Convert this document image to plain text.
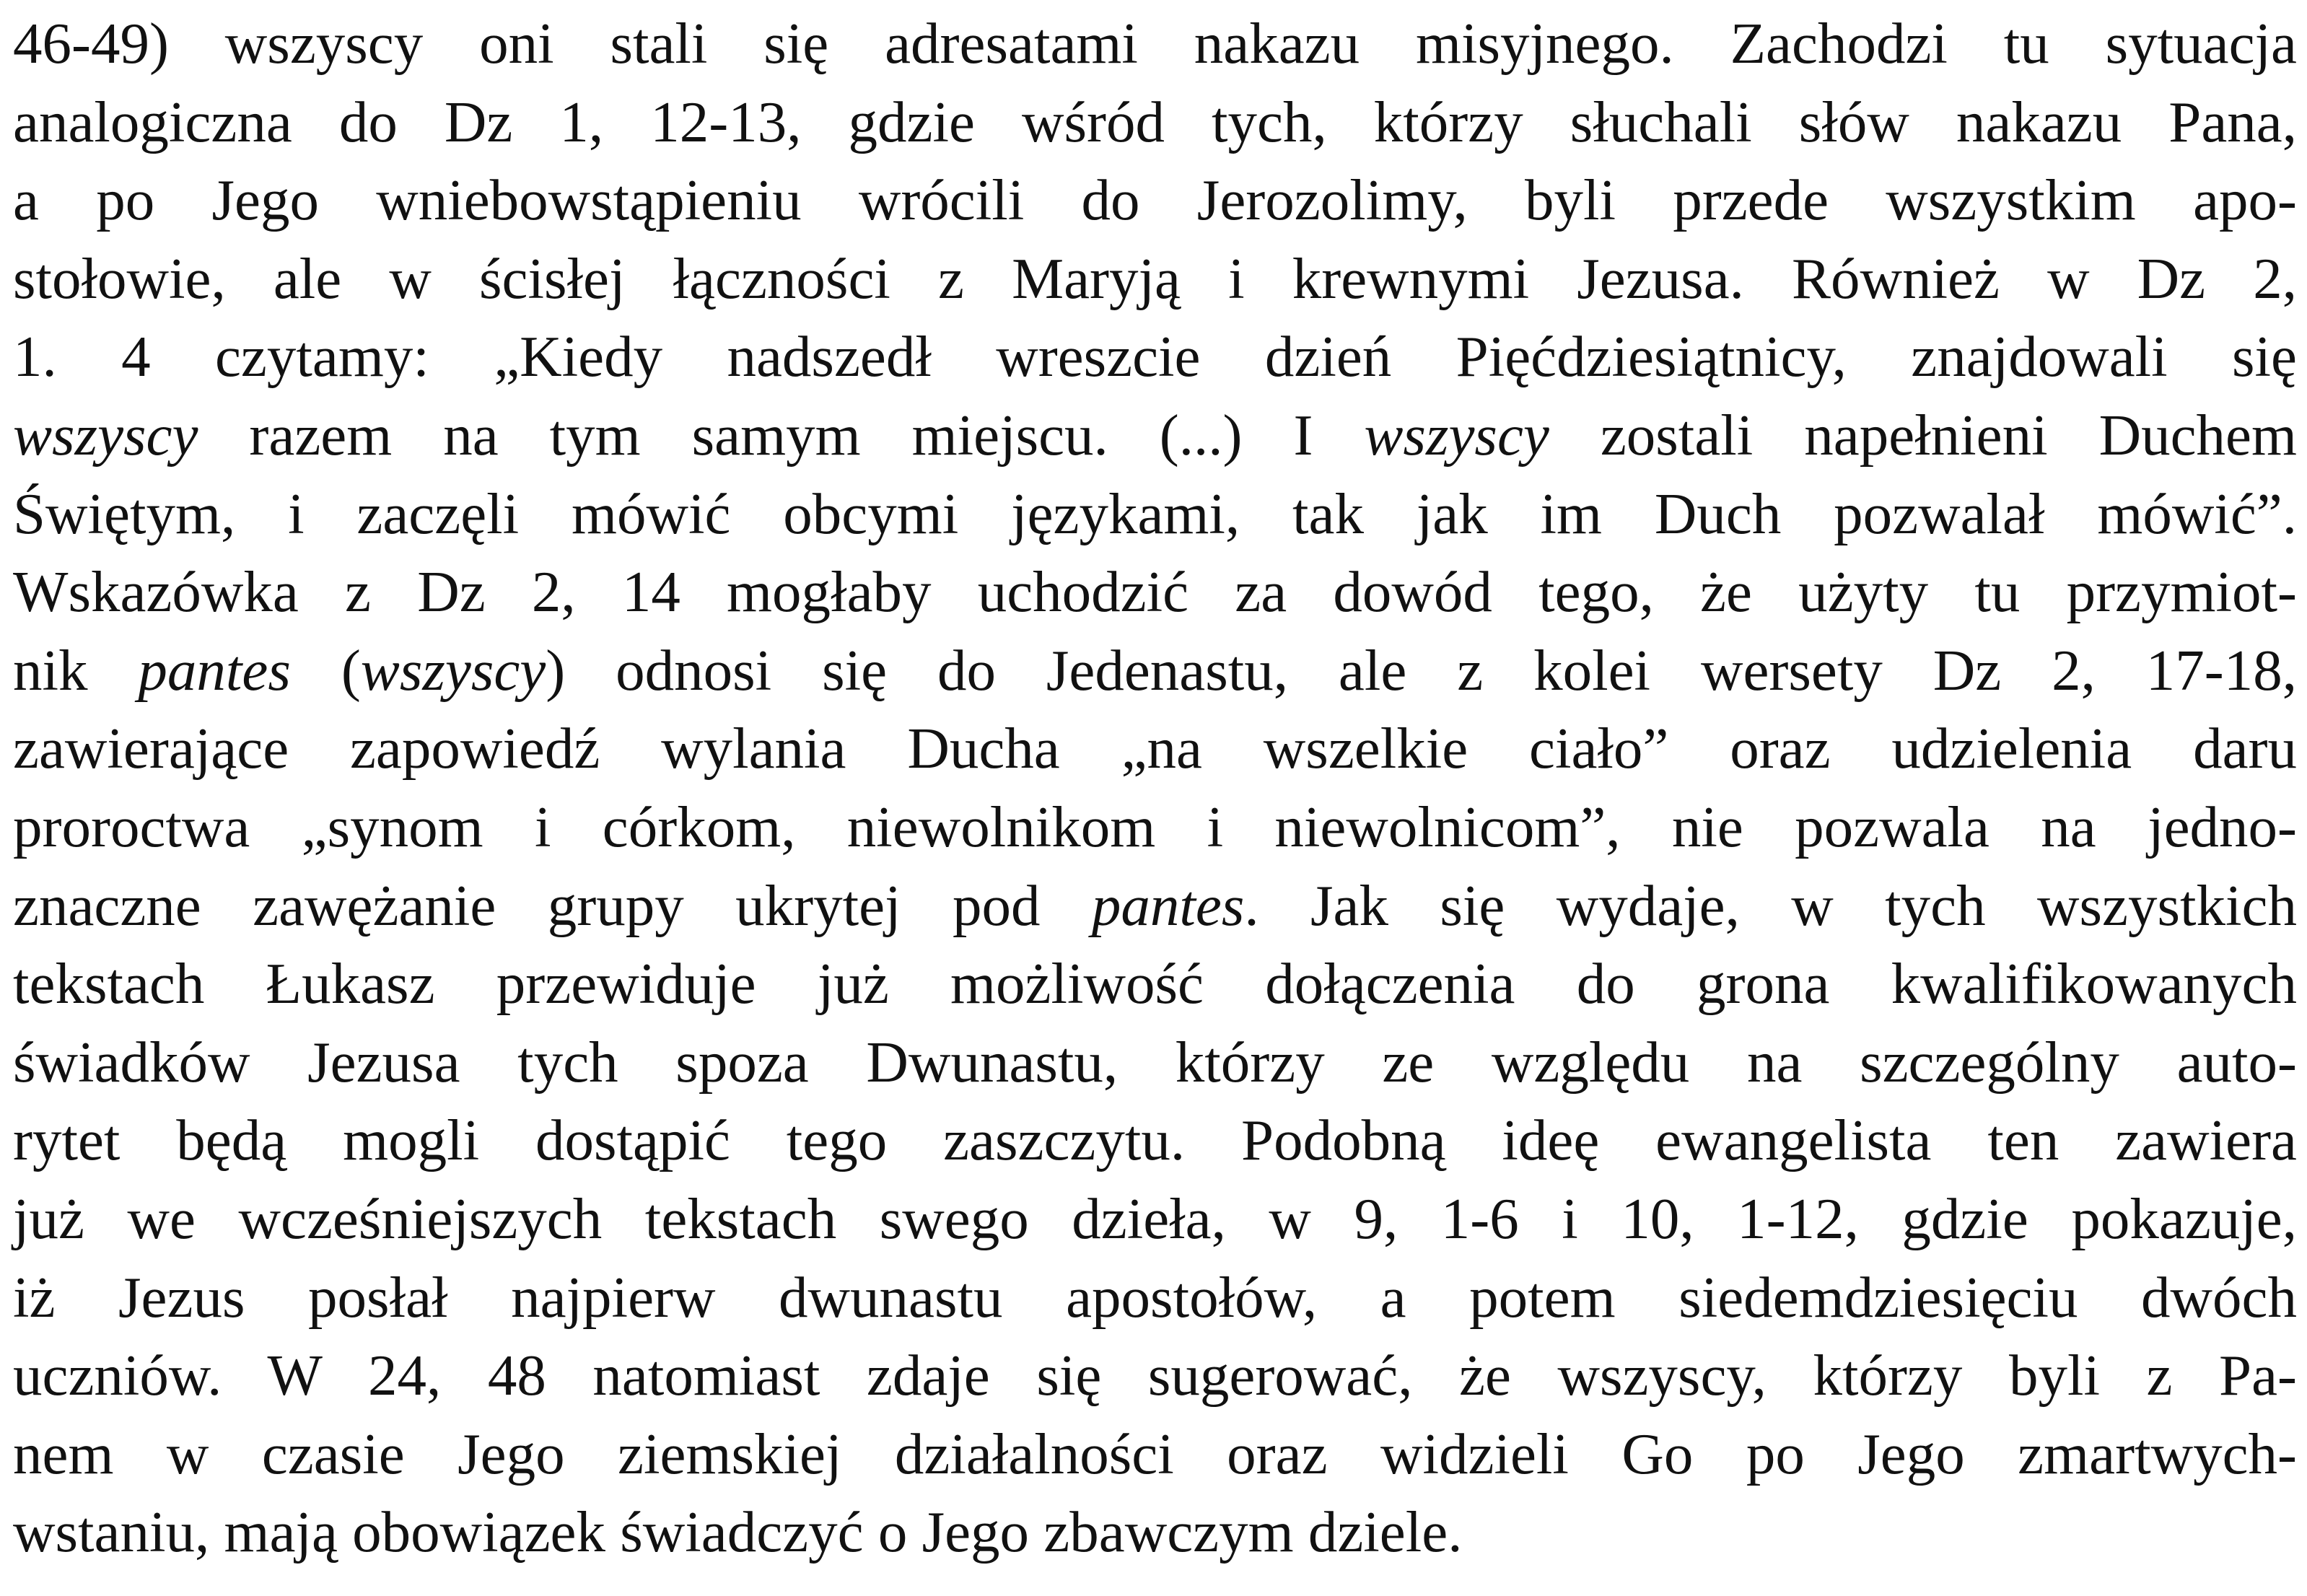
46-49) wszyscy oni stali się adresatami nakazu misyjnego. Zachodzi tu sytuacja
analogiczna do Dz 1, 12-13, gdzie wśród tych, którzy słuchali słów nakazu Pana,
a po Jego wniebowstąpieniu wrócili do Jerozolimy, byli przede wszystkim apo-
stołowie, ale w ścisłej łączności z Maryją i krewnymi Jezusa. Również w Dz 2,
1. 4 czytamy: „Kiedy nadszedł wreszcie dzień Pięćdziesiątnicy, znajdowali się
wszyscy razem na tym samym miejscu. (...) I wszyscy zostali napełnieni Duchem
Świętym, i zaczęli mówić obcymi językami, tak jak im Duch pozwalał mówić”.
Wskazówka z Dz 2, 14 mogłaby uchodzić za dowód tego, że użyty tu przymiot-
nik pantes (wszyscy) odnosi się do Jedenastu, ale z kolei wersety Dz 2, 17-18,
zawierające zapowiedź wylania Ducha „na wszelkie ciało” oraz udzielenia daru
proroctwa „synom i córkom, niewolnikom i niewolnicom”, nie pozwala na jedno-
znaczne zawężanie grupy ukrytej pod pantes. Jak się wydaje, w tych wszystkich
tekstach Łukasz przewiduje już możliwość dołączenia do grona kwalifikowanych
świadków Jezusa tych spoza Dwunastu, którzy ze względu na szczególny auto-
rytet będą mogli dostąpić tego zaszczytu. Podobną ideę ewangelista ten zawiera
już we wcześniejszych tekstach swego dzieła, w 9, 1-6 i 10, 1-12, gdzie pokazuje,
iż Jezus posłał najpierw dwunastu apostołów, a potem siedemdziesięciu dwóch
uczniów. W 24, 48 natomiast zdaje się sugerować, że wszyscy, którzy byli z Pa-
nem w czasie Jego ziemskiej działalności oraz widzieli Go po Jego zmartwych-
wstaniu, mają obowiązek świadczyć o Jego zbawczym dziele.
